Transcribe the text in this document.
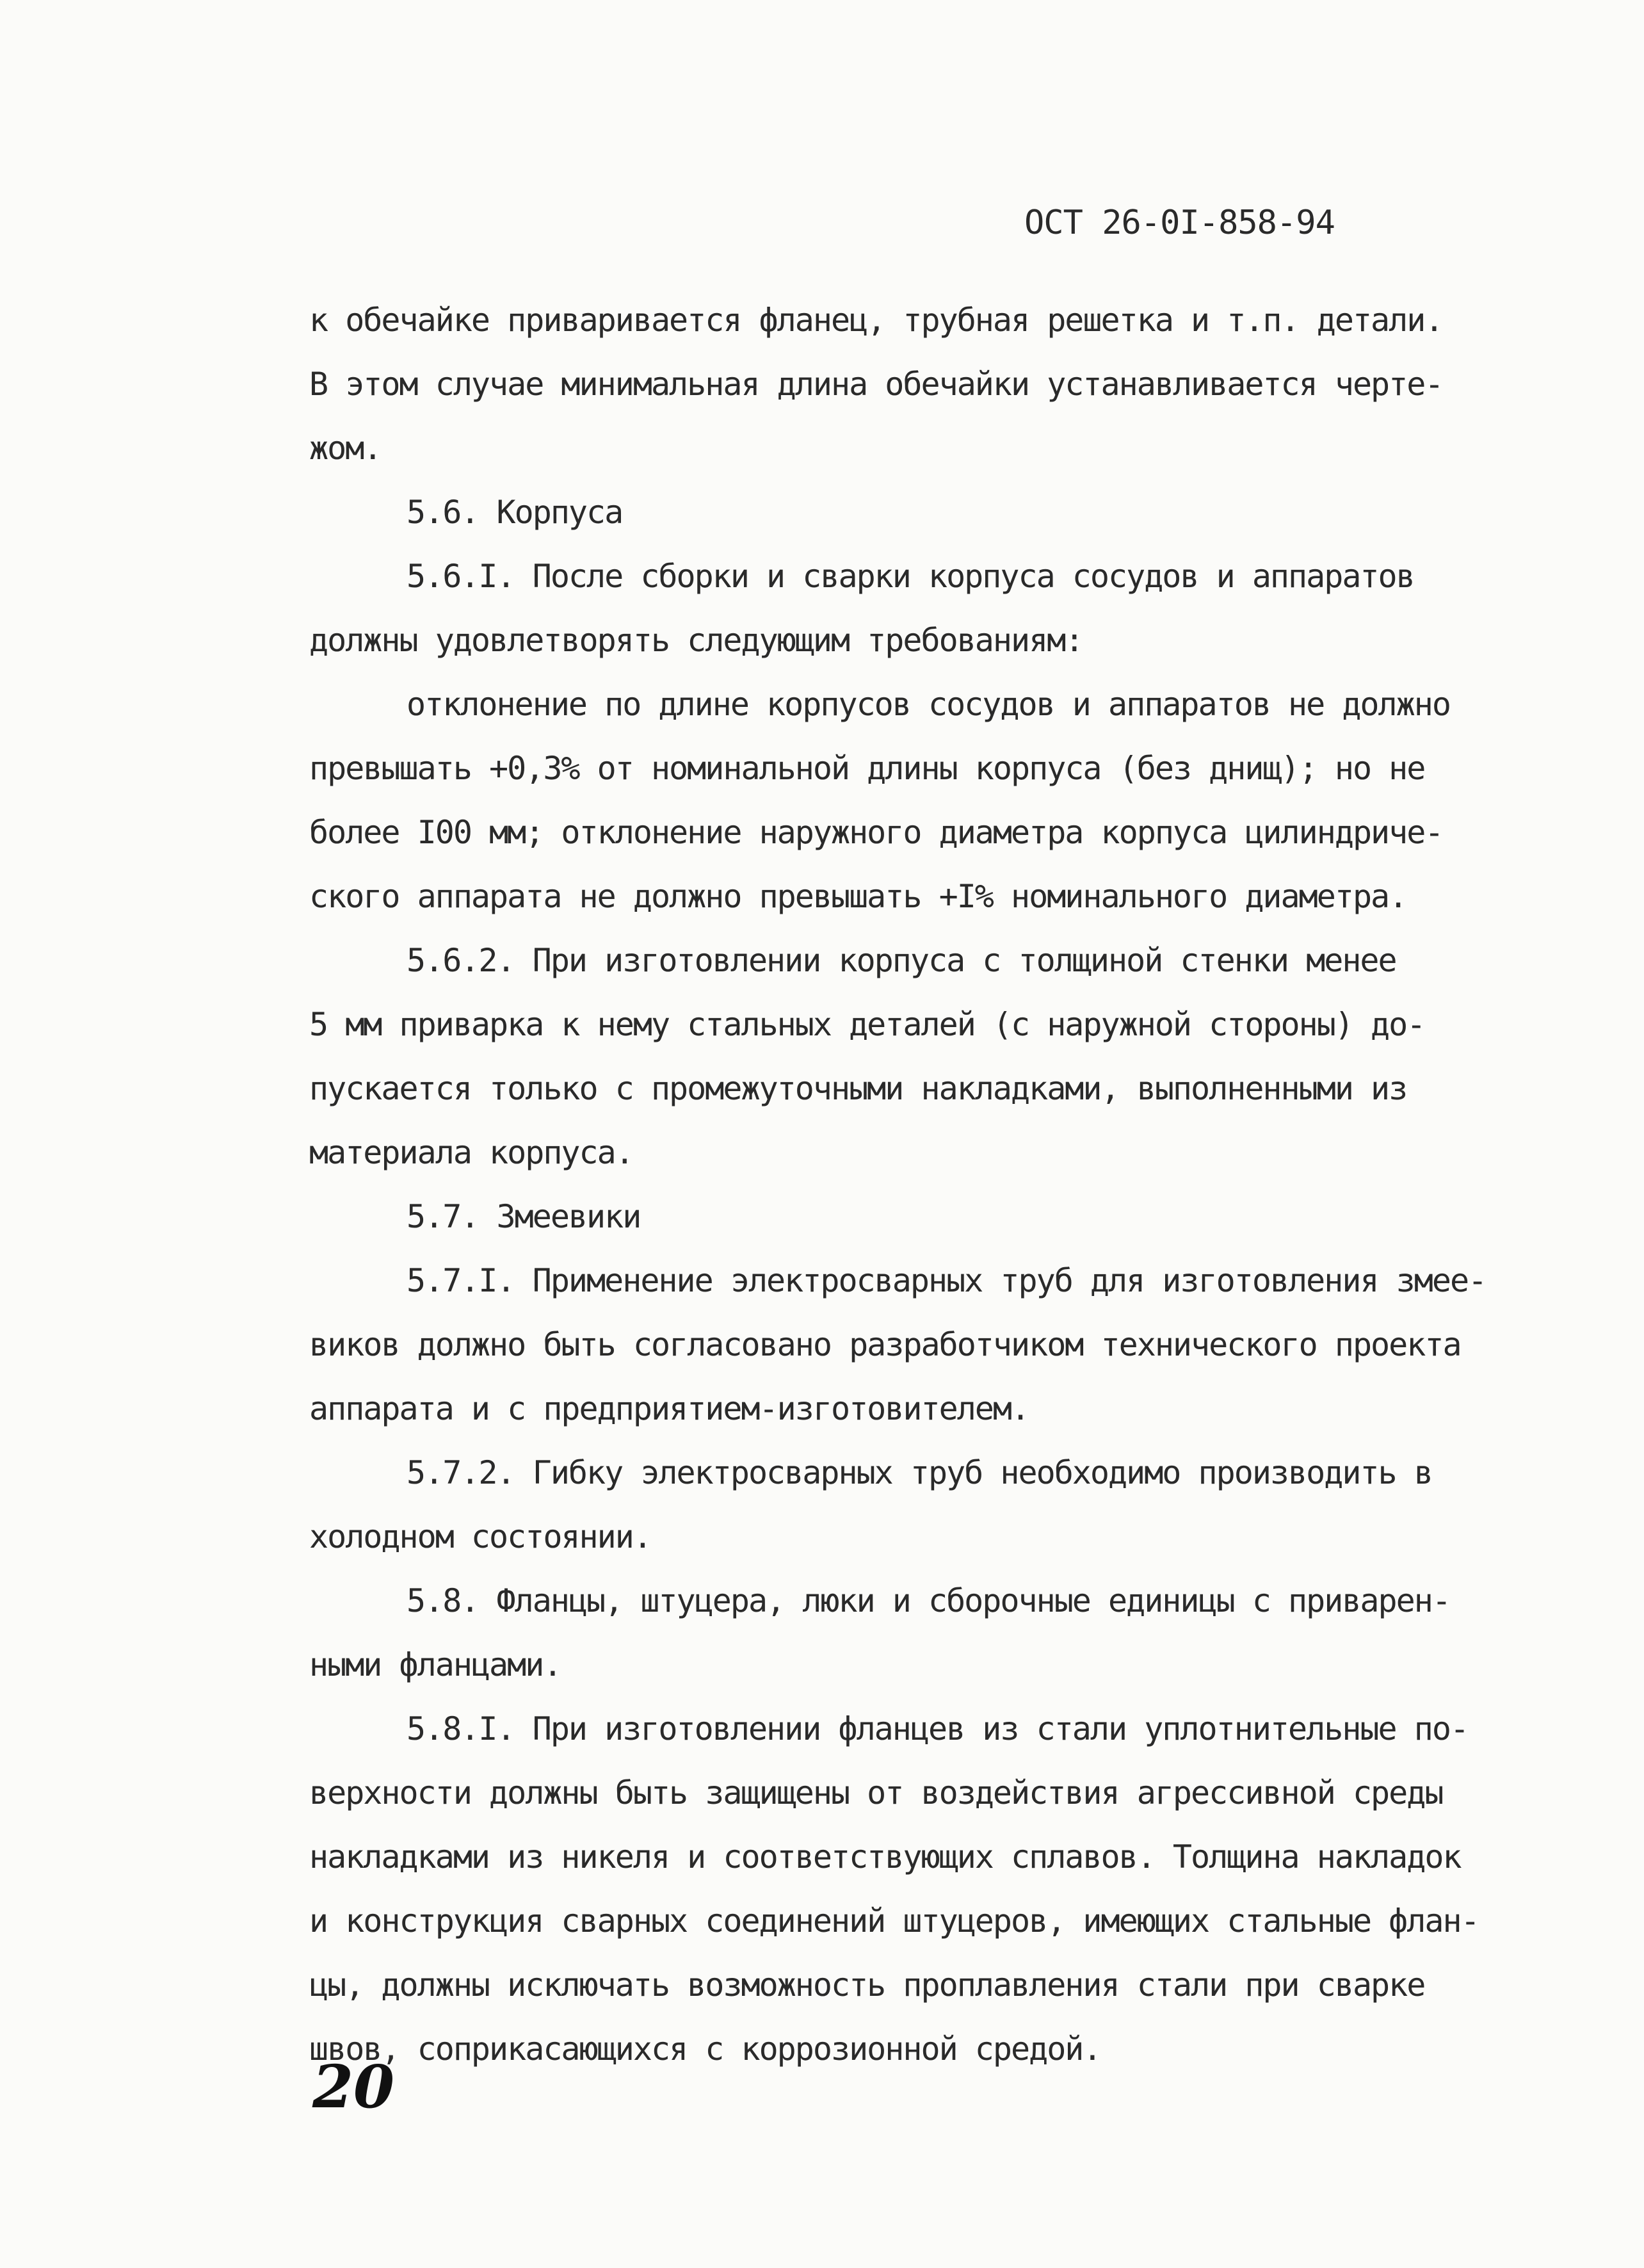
ОСТ 26-0I-858-94

к обечайке приваривается фланец, трубная решетка и т.п. детали.

В этом случае минимальная длина обечайки устанавливается черте-

жом.

5.6. Корпуса

5.6.I. После сборки и сварки корпуса сосудов и аппаратов

должны удовлетворять следующим требованиям:

отклонение по длине корпусов сосудов и аппаратов не должно

превышать +0,3% от номинальной длины корпуса (без днищ); но не

более I00 мм; отклонение наружного диаметра корпуса цилиндриче-

ского аппарата не должно превышать +I% номинального диаметра.

5.6.2. При изготовлении корпуса с толщиной стенки менее

5 мм приварка к нему стальных деталей (с наружной стороны) до-

пускается только с промежуточными накладками, выполненными из

материала корпуса.

5.7. Змеевики

5.7.I. Применение электросварных труб для изготовления змее-

виков должно быть согласовано разработчиком технического проекта

аппарата и с предприятием-изготовителем.

5.7.2. Гибку электросварных труб необходимо производить в

холодном состоянии.

5.8. Фланцы, штуцера, люки и сборочные единицы с приварен-

ными фланцами.

5.8.I. При изготовлении фланцев из стали уплотнительные по-

верхности должны быть защищены от воздействия агрессивной среды

накладками из никеля и соответствующих сплавов. Толщина накладок

и конструкция сварных соединений штуцеров, имеющих стальные флан-

цы, должны исключать возможность проплавления стали при сварке

швов, соприкасающихся с коррозионной средой.

20
